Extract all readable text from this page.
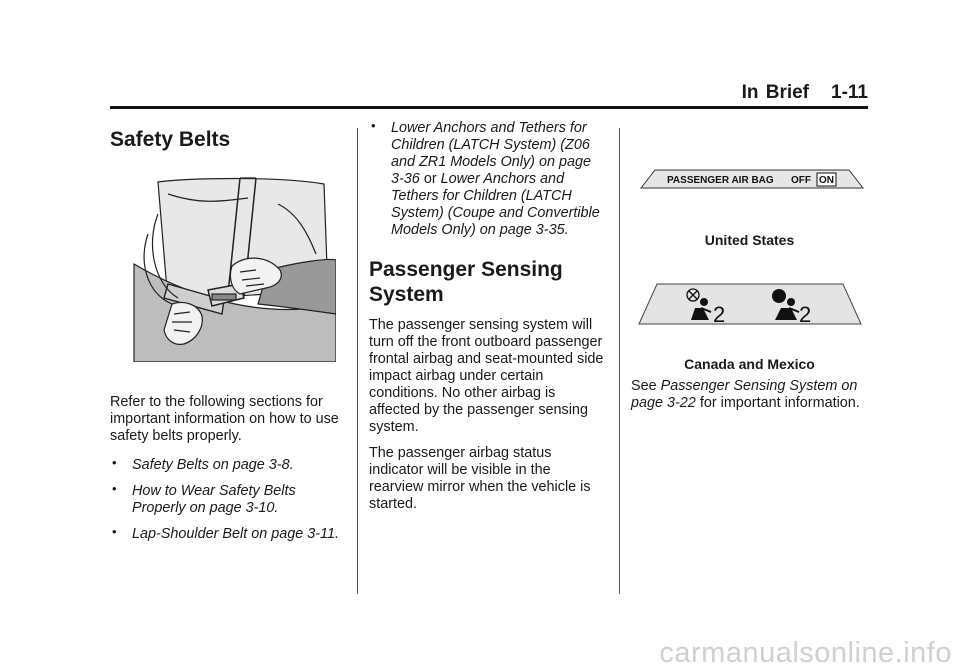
In Brief 1-11
Safety Belts

Refer to the following sections for important information on how to use safety belts properly.

• Safety Belts on page 3-8.
• How to Wear Safety Belts Properly on page 3-10.
• Lap-Shoulder Belt on page 3-11.
• Lower Anchors and Tethers for Children (LATCH System) (Z06 and ZR1 Models Only) on page 3-36 or Lower Anchors and Tethers for Children (LATCH System) (Coupe and Convertible Models Only) on page 3-35.
Passenger Sensing
System

The passenger sensing system will turn off the front outboard passenger frontal airbag and seat-mounted side impact airbag under certain conditions. No other airbag is affected by the passenger sensing system.

The passenger airbag status indicator will be visible in the rearview mirror when the vehicle is started.

PASSENGER AIR BAG OFF ON
United States
2	2
Canada and Mexico

See Passenger Sensing System on page 3-22 for important information.

carmanualsonline.info
